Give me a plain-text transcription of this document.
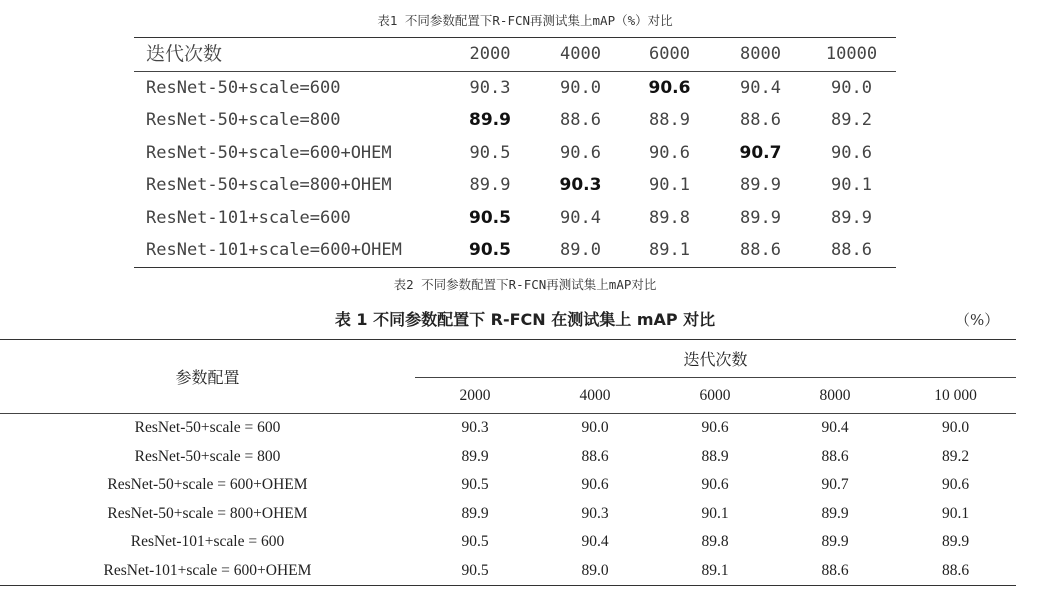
表1 不同参数配置下R-FCN再测试集上mAP（%）对比
迭代次数	2000	4000	6000	8000	10000
ResNet-50+scale=600	90.3	90.0	90.6	90.4	90.0
ResNet-50+scale=800	89.9	88.6	88.9	88.6	89.2
ResNet-50+scale=600+OHEM	90.5	90.6	90.6	90.7	90.6
ResNet-50+scale=800+OHEM	89.9	90.3	90.1	89.9	90.1
ResNet-101+scale=600	90.5	90.4	89.8	89.9	89.9
ResNet-101+scale=600+OHEM	90.5	89.0	89.1	88.6	88.6
表2 不同参数配置下R-FCN再测试集上mAP对比
表 1 不同参数配置下 R-FCN 在测试集上 mAP 对比	（%）
参数配置	迭代次数				
	2000	4000	6000	8000	10 000
ResNet-50+scale = 600	90.3	90.0	90.6	90.4	90.0
ResNet-50+scale = 800	89.9	88.6	88.9	88.6	89.2
ResNet-50+scale = 600+OHEM	90.5	90.6	90.6	90.7	90.6
ResNet-50+scale = 800+OHEM	89.9	90.3	90.1	89.9	90.1
ResNet-101+scale = 600	90.5	90.4	89.8	89.9	89.9
ResNet-101+scale = 600+OHEM	90.5	89.0	89.1	88.6	88.6
